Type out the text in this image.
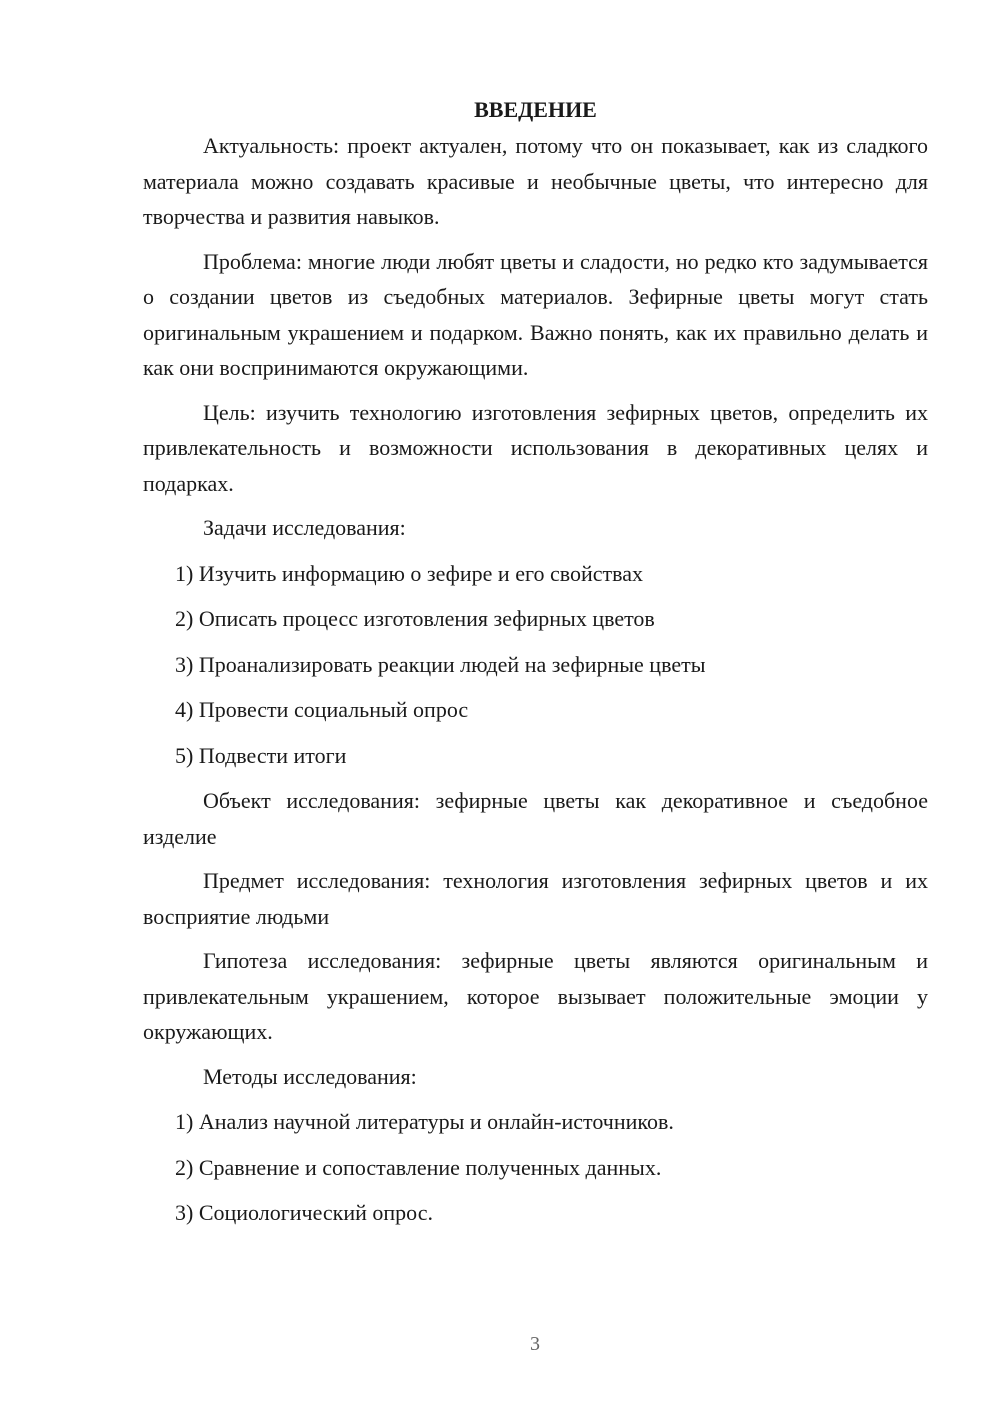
ВВЕДЕНИЕ

Актуальность: проект актуален, потому что он показывает, как из сладкого материала можно создавать красивые и необычные цветы, что интересно для творчества и развития навыков.

Проблема: многие люди любят цветы и сладости, но редко кто задумывается о создании цветов из съедобных материалов. Зефирные цветы могут стать оригинальным украшением и подарком. Важно понять, как их правильно делать и как они воспринимаются окружающими.

Цель: изучить технологию изготовления зефирных цветов, определить их привлекательность и возможности использования в декоративных целях и подарках.

Задачи исследования:

1) Изучить информацию о зефире и его свойствах

2) Описать процесс изготовления зефирных цветов

3) Проанализировать реакции людей на зефирные цветы

4) Провести социальный опрос

5) Подвести итоги

Объект исследования: зефирные цветы как декоративное и съедобное изделие

Предмет исследования: технология изготовления зефирных цветов и их восприятие людьми

Гипотеза исследования: зефирные цветы являются оригинальным и привлекательным украшением, которое вызывает положительные эмоции у окружающих.

Методы исследования:

1) Анализ научной литературы и онлайн-источников.

2) Сравнение и сопоставление полученных данных.

3) Социологический опрос.

3
